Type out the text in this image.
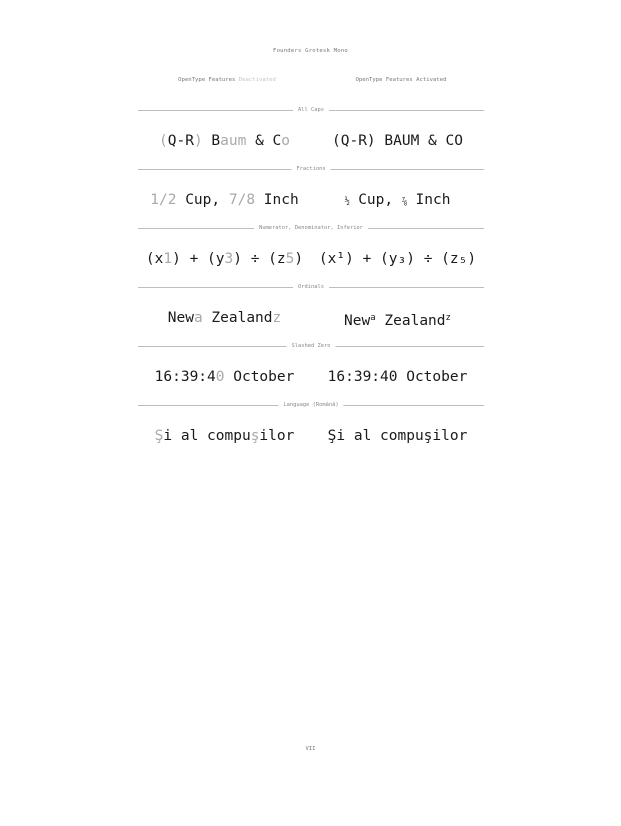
Founders Grotesk Mono
OpenType Features Deactivated	OpenType Features Activated
All Caps
(Q-R) Baum & Co	(Q-R) BAUM & CO
Fractions
1/2 Cup, 7/8 Inch	½ Cup, ⅞ Inch
Numerator, Denominator, Inferior
(x1) + (y3) ÷ (z5)	(x¹) + (y₃) ÷ (z₅)
Ordinals
Newa Zealandz	New$^a$ Zealand$^z$
Slashed Zero
16:39:40 October	16:39:40 October
Language (Română)
Şi al compuşilor	Şi al compuşilor
VII
